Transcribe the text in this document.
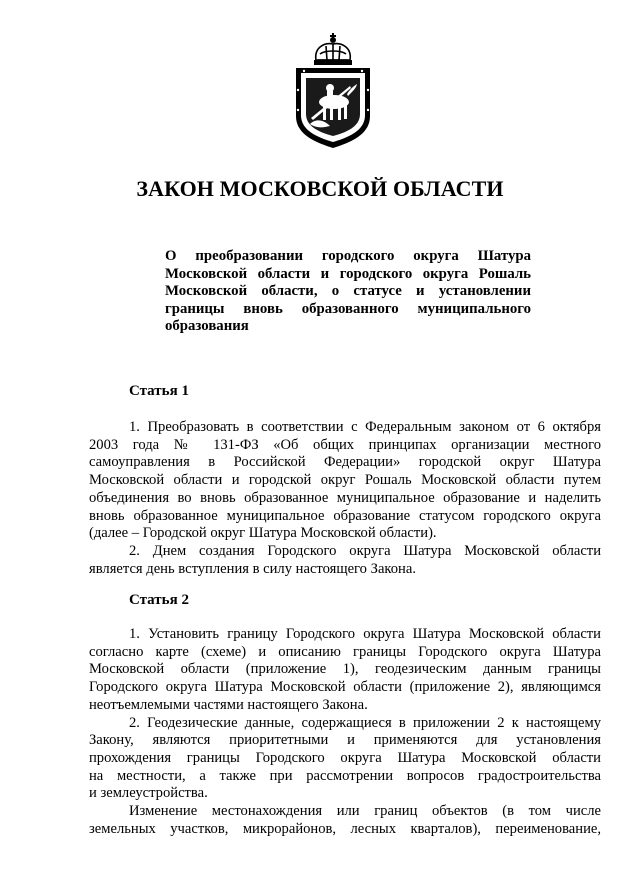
ЗАКОН МОСКОВСКОЙ ОБЛАСТИ
О преобразовании городского округа Шатура
Московской области и городского округа Рошаль
Московской области, о статусе и установлении
границы вновь образованного муниципального
образования
Статья 1
1. Преобразовать в соответствии с Федеральным законом от 6 октября
2003 года № 131-ФЗ «Об общих принципах организации местного
самоуправления в Российской Федерации» городской округ Шатура
Московской области и городской округ Рошаль Московской области путем
объединения во вновь образованное муниципальное образование и наделить
вновь образованное муниципальное образование статусом городского округа
(далее – Городской округ Шатура Московской области).
2. Днем создания Городского округа Шатура Московской области
является день вступления в силу настоящего Закона.
Статья 2
1. Установить границу Городского округа Шатура Московской области
согласно карте (схеме) и описанию границы Городского округа Шатура
Московской области (приложение 1), геодезическим данным границы
Городского округа Шатура Московской области (приложение 2), являющимся
неотъемлемыми частями настоящего Закона.
2. Геодезические данные, содержащиеся в приложении 2 к настоящему
Закону, являются приоритетными и применяются для установления
прохождения границы Городского округа Шатура Московской области
на местности, а также при рассмотрении вопросов градостроительства
и землеустройства.
Изменение местонахождения или границ объектов (в том числе
земельных участков, микрорайонов, лесных кварталов), переименование,
